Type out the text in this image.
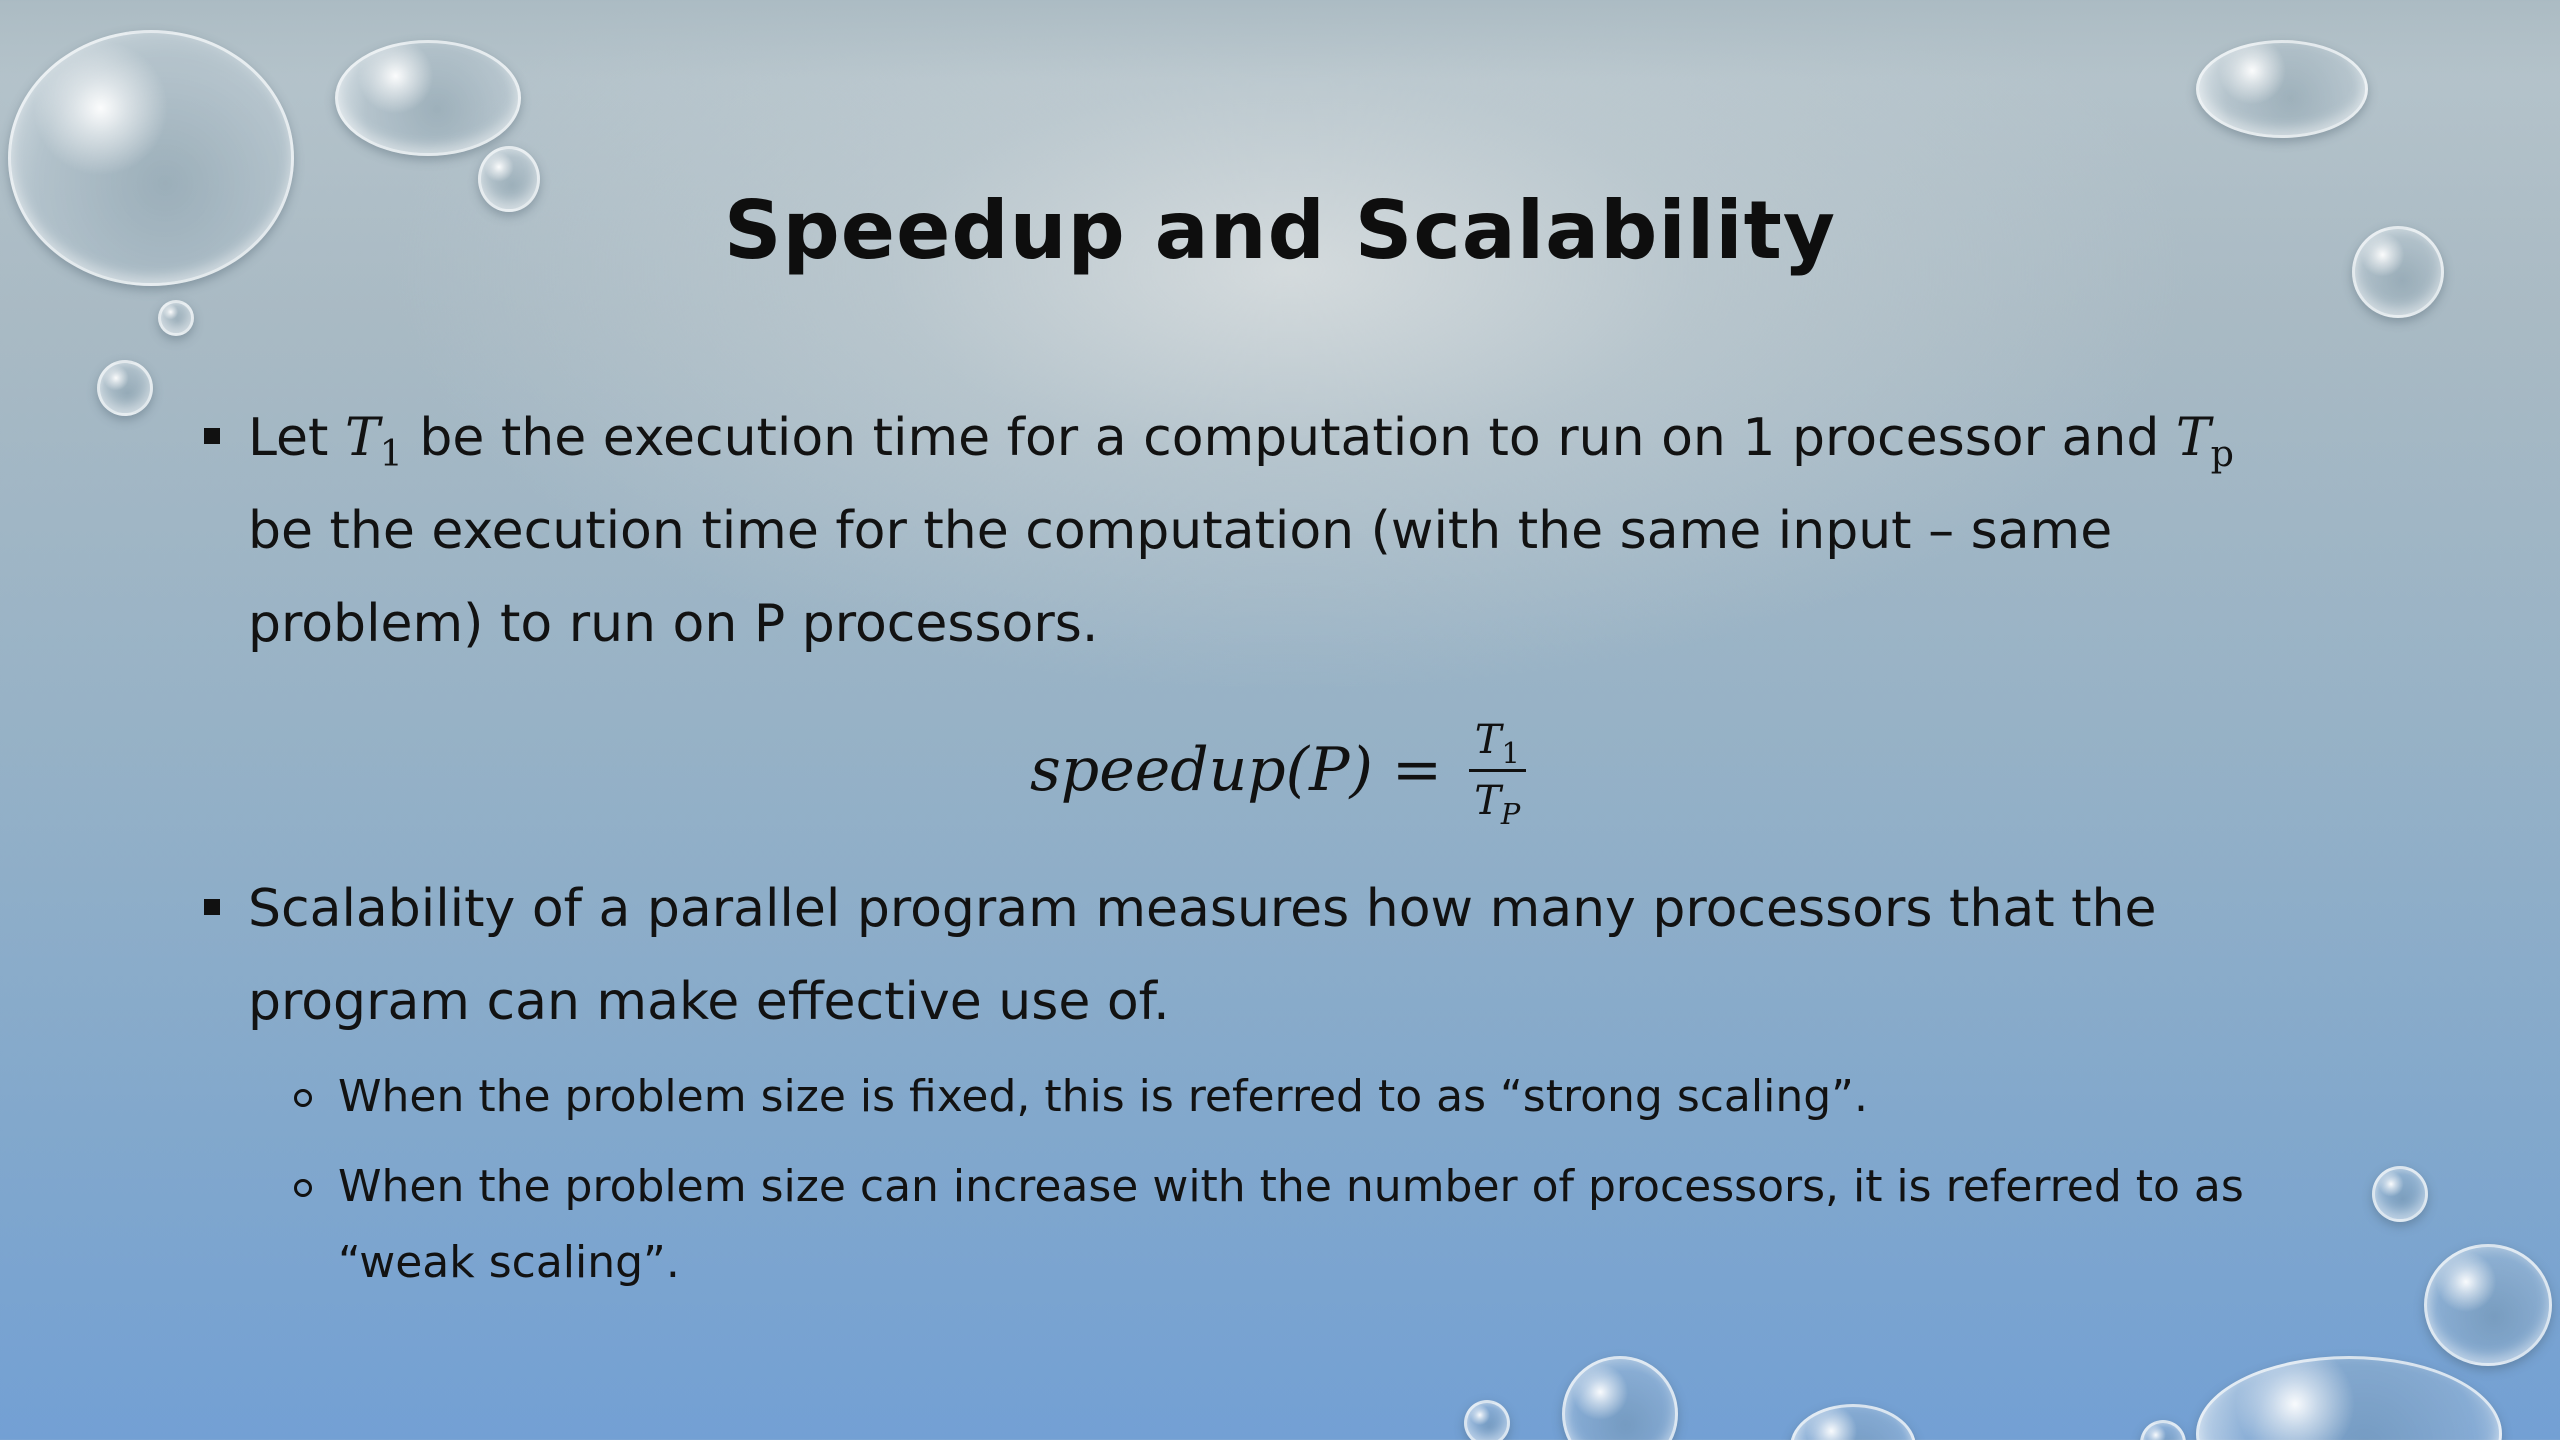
Speedup and Scalability
Let $T_1$ be the execution time for a computation to run on 1 processor and $T_p$ be the execution time for the computation (with the same input – same problem) to run on P processors.
Scalability of a parallel program measures how many processors that the program can make effective use of.
When the problem size is fixed, this is referred to as “strong scaling”.
When the problem size can increase with the number of processors, it is referred to as “weak scaling”.
speedup(P) = $\frac{T_1}{T_P}$
